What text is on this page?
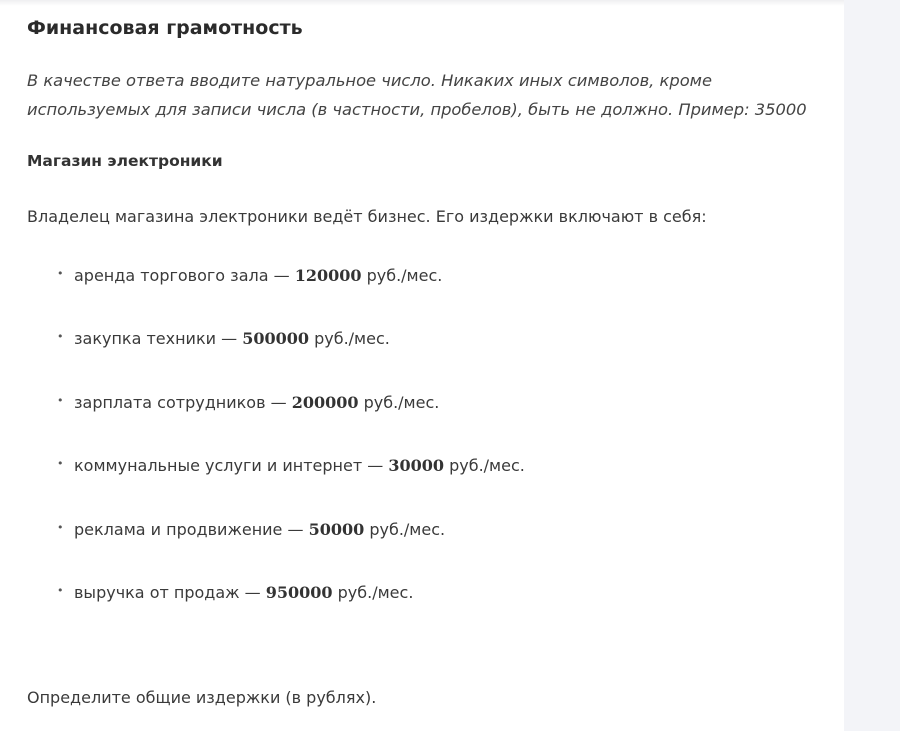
Финансовая грамотность
В качестве ответа вводите натуральное число. Никаких иных символов, кроме используемых для записи числа (в частности, пробелов), быть не должно. Пример: 35000
Магазин электроники
Владелец магазина электроники ведёт бизнес. Его издержки включают в себя:
• аренда торгового зала — 120000 руб./мес.
• закупка техники — 500000 руб./мес.
• зарплата сотрудников — 200000 руб./мес.
• коммунальные услуги и интернет — 30000 руб./мес.
• реклама и продвижение — 50000 руб./мес.
• выручка от продаж — 950000 руб./мес.
Определите общие издержки (в рублях).
